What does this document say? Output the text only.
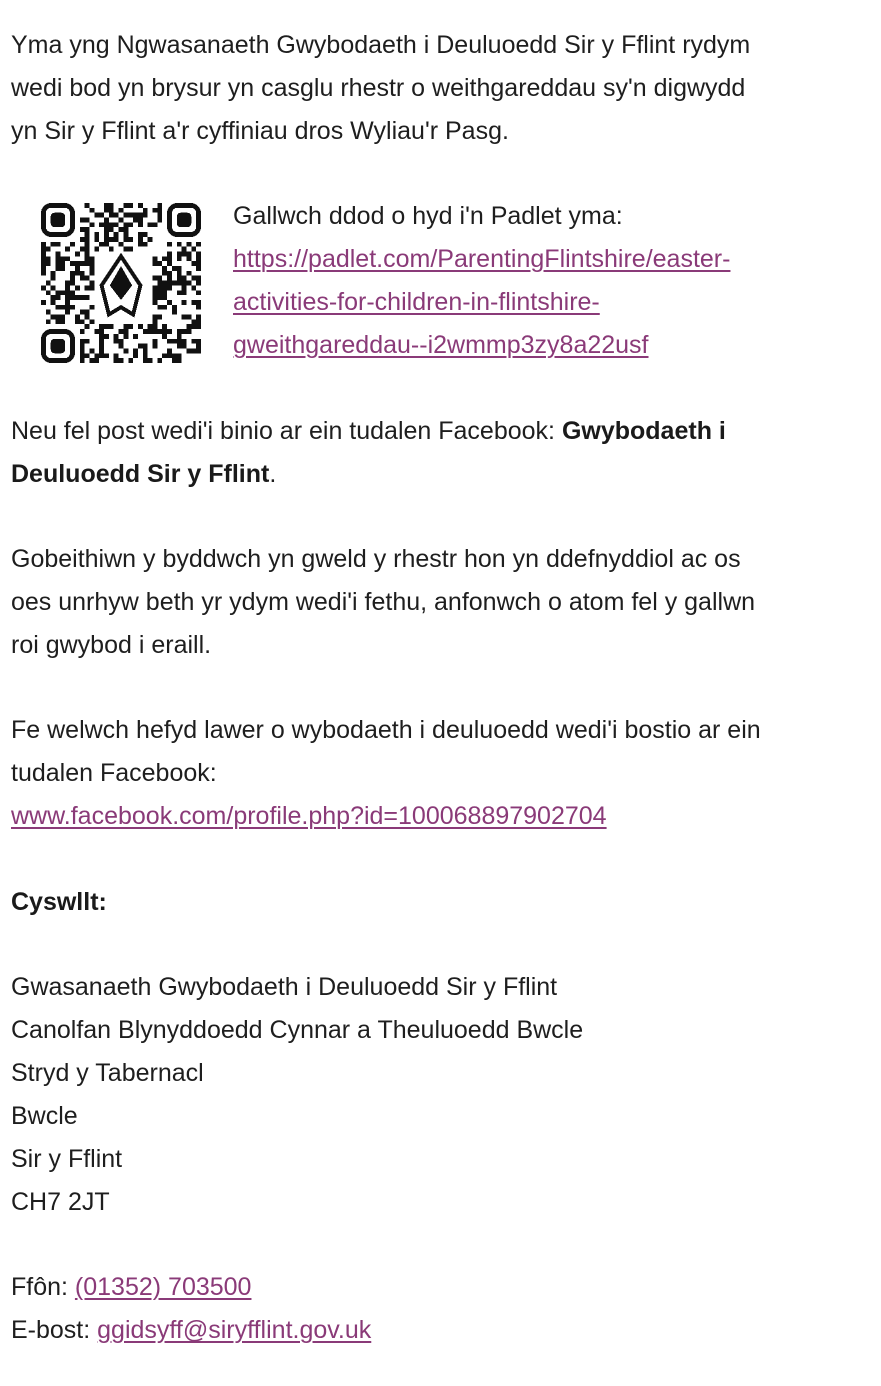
Yma yng Ngwasanaeth Gwybodaeth i Deuluoedd Sir y Fflint rydym
wedi bod yn brysur yn casglu rhestr o weithgareddau sy'n digwydd
yn Sir y Fflint a'r cyffiniau dros Wyliau'r Pasg.

Gallwch ddod o hyd i'n Padlet yma:
https://padlet.com/ParentingFlintshire/easter-
activities-for-children-in-flintshire-
gweithgareddau--i2wmmp3zy8a22usf

Neu fel post wedi'i binio ar ein tudalen Facebook: Gwybodaeth i
Deuluoedd Sir y Fflint.

Gobeithiwn y byddwch yn gweld y rhestr hon yn ddefnyddiol ac os
oes unrhyw beth yr ydym wedi'i fethu, anfonwch o atom fel y gallwn
roi gwybod i eraill.

Fe welwch hefyd lawer o wybodaeth i deuluoedd wedi'i bostio ar ein
tudalen Facebook:
www.facebook.com/profile.php?id=100068897902704

Cyswllt:

Gwasanaeth Gwybodaeth i Deuluoedd Sir y Fflint
Canolfan Blynyddoedd Cynnar a Theuluoedd Bwcle
Stryd y Tabernacl
Bwcle
Sir y Fflint
CH7 2JT

Ffôn: (01352) 703500
E-bost: ggidsyff@siryfflint.gov.uk
